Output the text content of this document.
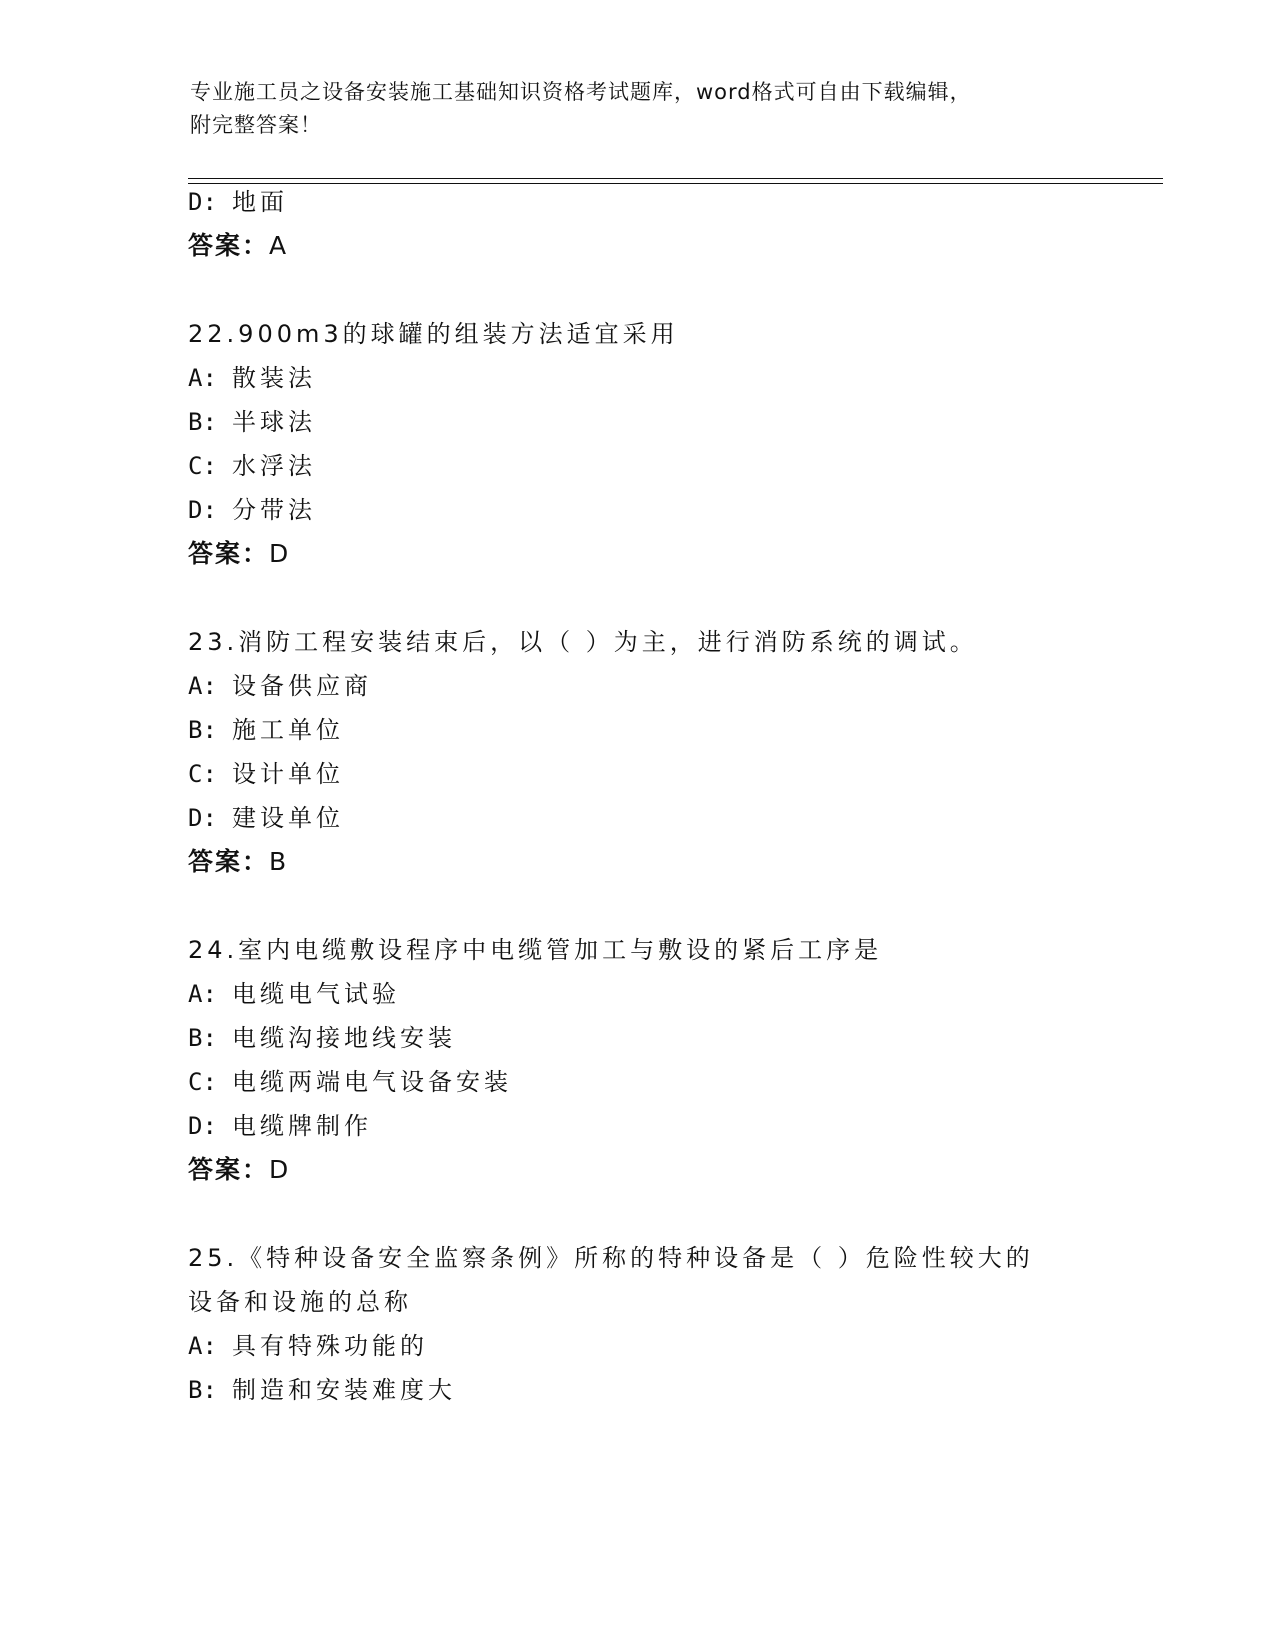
专业施工员之设备安装施工基础知识资格考试题库，word格式可自由下载编辑，
附完整答案！
D: 地面
答案：A
22.900m3的球罐的组装方法适宜采用
A: 散装法
B: 半球法
C: 水浮法
D: 分带法
答案：D
23.消防工程安装结束后，以（ ）为主，进行消防系统的调试。
A: 设备供应商
B: 施工单位
C: 设计单位
D: 建设单位
答案：B
24.室内电缆敷设程序中电缆管加工与敷设的紧后工序是
A: 电缆电气试验
B: 电缆沟接地线安装
C: 电缆两端电气设备安装
D: 电缆牌制作
答案：D
25.《特种设备安全监察条例》所称的特种设备是（ ）危险性较大的
设备和设施的总称
A: 具有特殊功能的
B: 制造和安装难度大
